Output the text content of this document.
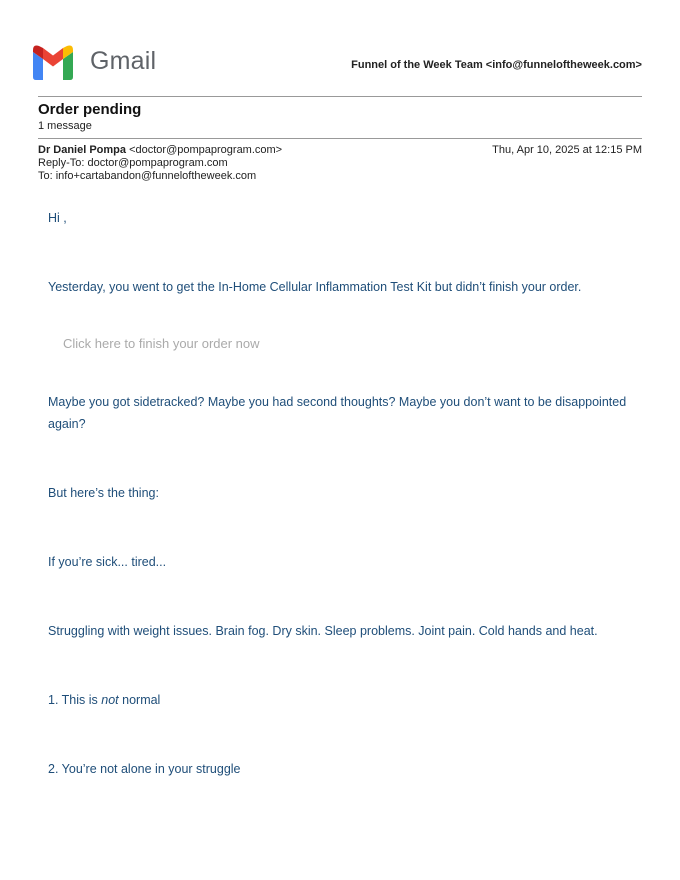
Gmail	Funnel of the Week Team <info@funneloftheweek.com>
Order pending
1 message
Dr Daniel Pompa <doctor@pompaprogram.com>
Reply-To: doctor@pompaprogram.com
To: info+cartabandon@funneloftheweek.com
Thu, Apr 10, 2025 at 12:15 PM

Hi ,

Yesterday, you went to get the In-Home Cellular Inflammation Test Kit but didn’t finish your order.

Click here to finish your order now

Maybe you got sidetracked? Maybe you had second thoughts? Maybe you don’t want to be disappointed again?

But here’s the thing:

If you’re sick... tired...

Struggling with weight issues. Brain fog. Dry skin. Sleep problems. Joint pain. Cold hands and heat.

1. This is not normal

2. You’re not alone in your struggle
